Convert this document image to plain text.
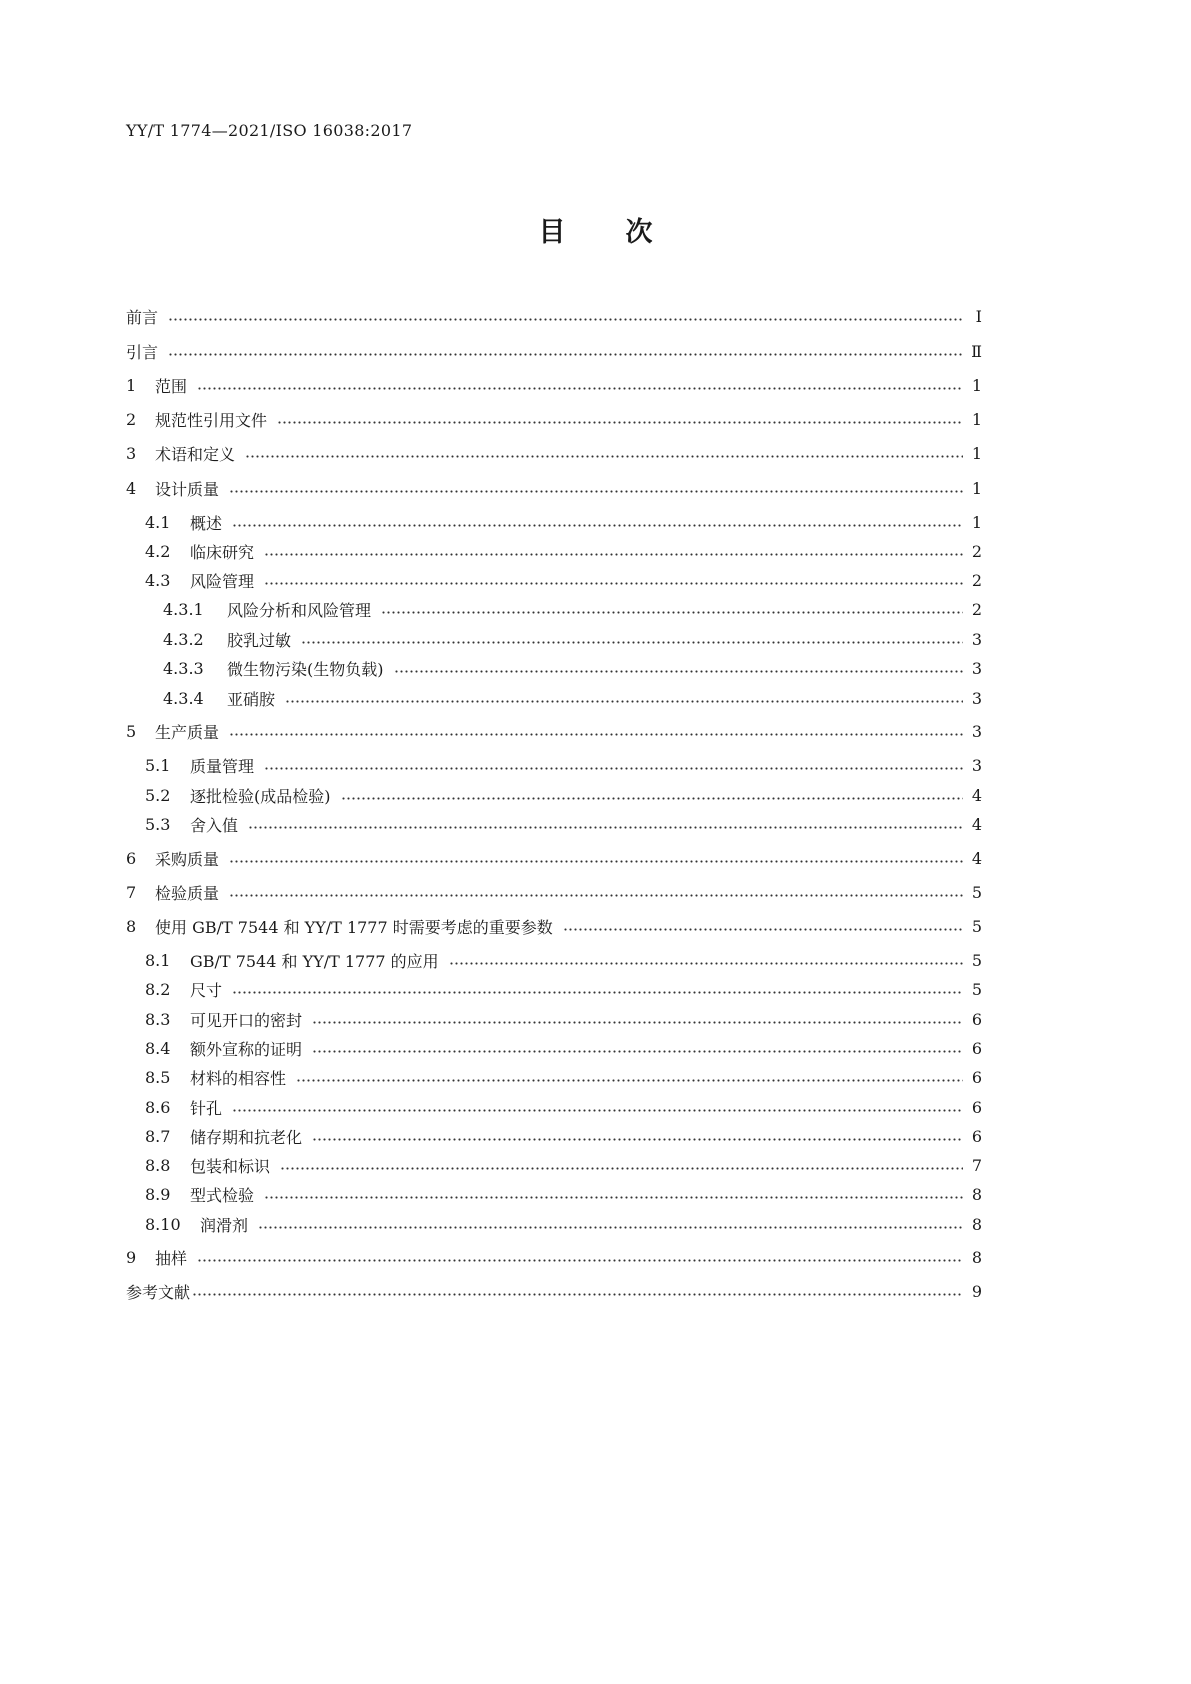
YY/T 1774—2021/ISO 16038:2017
目 次
前言	Ⅰ
引言	Ⅱ
1	范围	1
2	规范性引用文件	1
3	术语和定义	1
4	设计质量	1
4.1	概述	1
4.2	临床研究	2
4.3	风险管理	2
4.3.1	风险分析和风险管理	2
4.3.2	胶乳过敏	3
4.3.3	微生物污染(生物负载)	3
4.3.4	亚硝胺	3
5	生产质量	3
5.1	质量管理	3
5.2	逐批检验(成品检验)	4
5.3	舍入值	4
6	采购质量	4
7	检验质量	5
8	使用 GB/T 7544 和 YY/T 1777 时需要考虑的重要参数	5
8.1	GB/T 7544 和 YY/T 1777 的应用	5
8.2	尺寸	5
8.3	可见开口的密封	6
8.4	额外宣称的证明	6
8.5	材料的相容性	6
8.6	针孔	6
8.7	储存期和抗老化	6
8.8	包装和标识	7
8.9	型式检验	8
8.10	润滑剂	8
9	抽样	8
参考文献	9
